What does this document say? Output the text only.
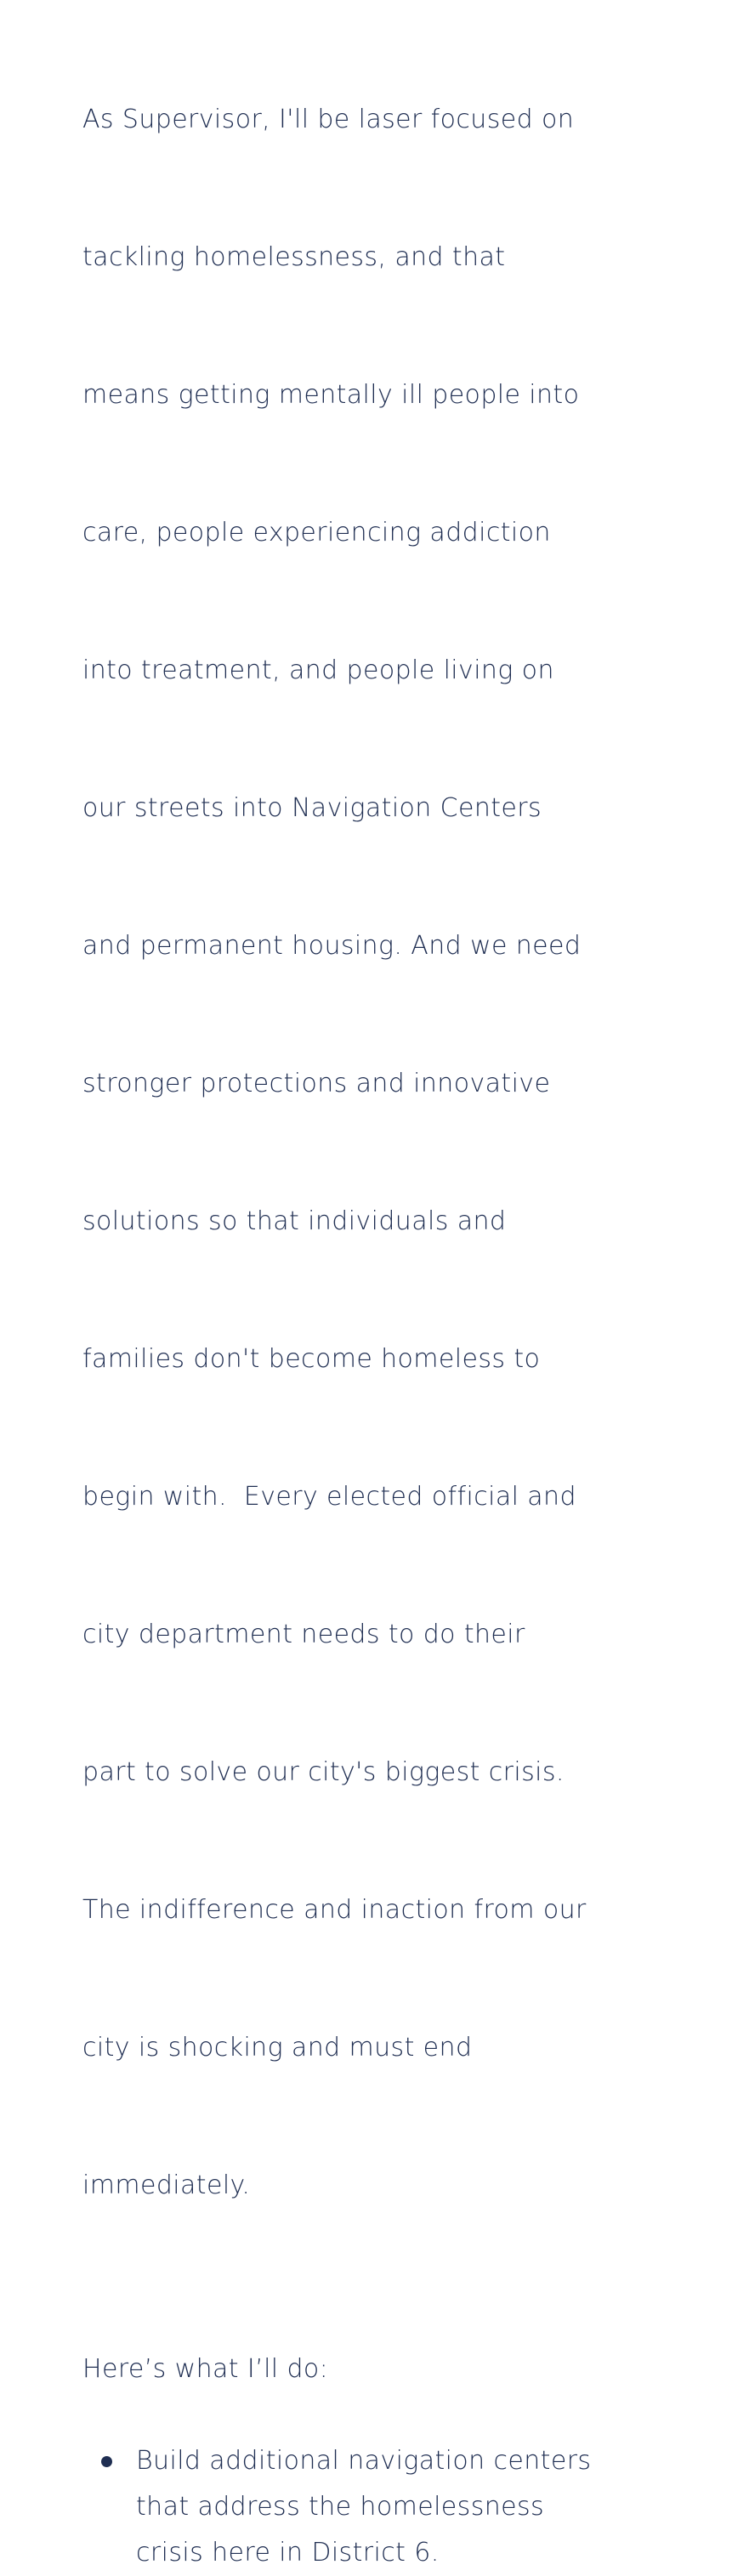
As Supervisor, I'll be laser focused on

tackling homelessness, and that

means getting mentally ill people into

care, people experiencing addiction

into treatment, and people living on

our streets into Navigation Centers

and permanent housing. And we need

stronger protections and innovative

solutions so that individuals and

families don't become homeless to

begin with.  Every elected official and

city department needs to do their

part to solve our city's biggest crisis.

The indifference and inaction from our

city is shocking and must end

immediately.

Here’s what I’ll do:

Build additional navigation centers
that address the homelessness
crisis here in District 6.
